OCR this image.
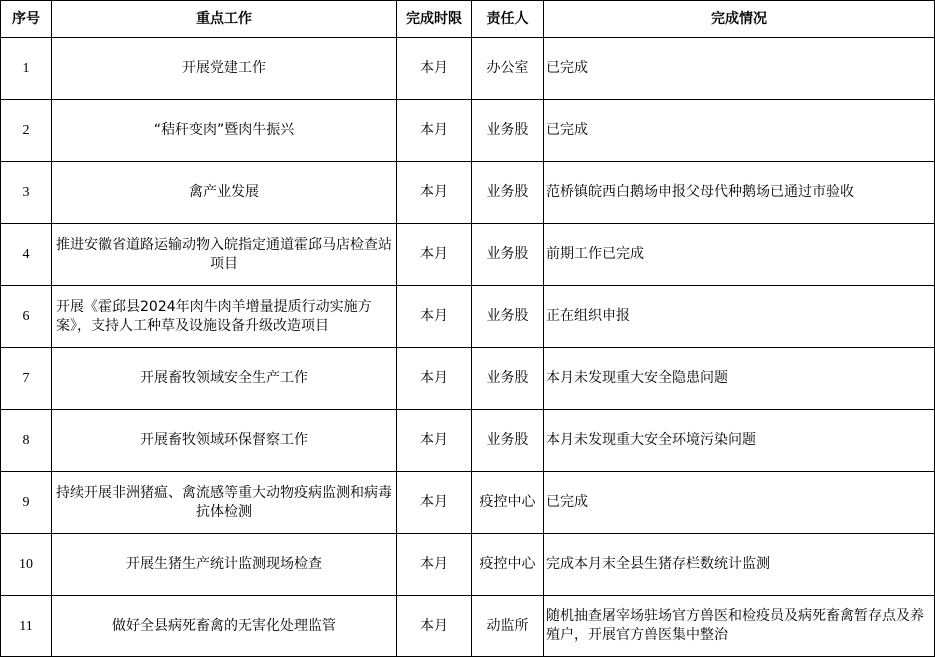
序号	重点工作	完成时限	责任人	完成情况
1	开展党建工作	本月	办公室	已完成
2	“秸秆变肉”暨肉牛振兴	本月	业务股	已完成
3	禽产业发展	本月	业务股	范桥镇皖西白鹅场申报父母代种鹅场已通过市验收
4	推进安徽省道路运输动物入皖指定通道霍邱马店检查站项目	本月	业务股	前期工作已完成
6	开展《霍邱县2024年肉牛肉羊增量提质行动实施方案》，支持人工种草及设施设备升级改造项目	本月	业务股	正在组织申报
7	开展畜牧领域安全生产工作	本月	业务股	本月未发现重大安全隐患问题
8	开展畜牧领域环保督察工作	本月	业务股	本月未发现重大安全环境污染问题
9	持续开展非洲猪瘟、禽流感等重大动物疫病监测和病毒抗体检测	本月	疫控中心	已完成
10	开展生猪生产统计监测现场检查	本月	疫控中心	完成本月末全县生猪存栏数统计监测
11	做好全县病死畜禽的无害化处理监管	本月	动监所	随机抽查屠宰场驻场官方兽医和检疫员及病死畜禽暂存点及养殖户，开展官方兽医集中整治
